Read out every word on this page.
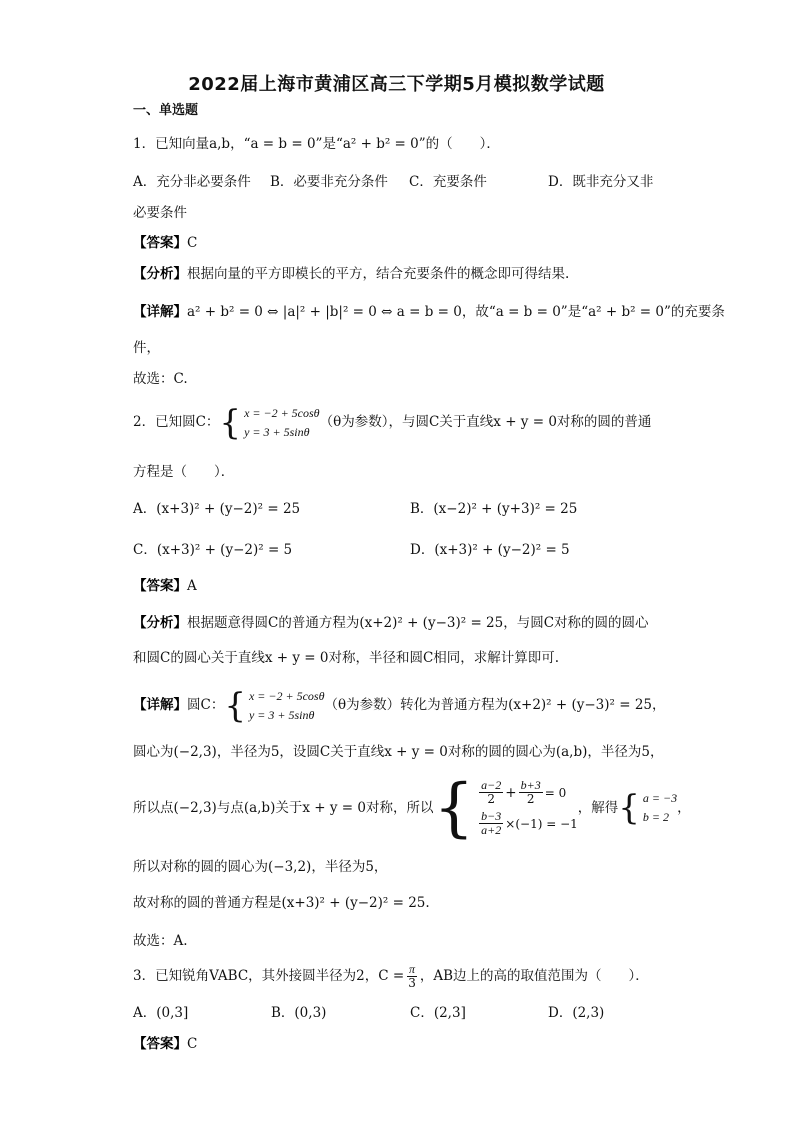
2022届上海市黄浦区高三下学期5月模拟数学试题
一、单选题
1．已知向量a,b，“a = b = 0”是“a² + b² = 0”的（　　）．
A．充分非必要条件 B．必要非充分条件 C．充要条件	D．既非充分又非
必要条件
【答案】C
【分析】根据向量的平方即模长的平方，结合充要条件的概念即可得结果.
【详解】a² + b² = 0 ⇔ |a|² + |b|² = 0 ⇔ a = b = 0，故“a = b = 0”是“a² + b² = 0”的充要条
件，
故选：C.
2．已知圆C： { x = −2 + 5cosθ
y = 3 + 5sinθ
（θ为参数），与圆C关于直线x + y = 0对称的圆的普通
方程是（　　）．
A．(x+3)² + (y−2)² = 25	B．(x−2)² + (y+3)² = 25
C．(x+3)² + (y−2)² = 5	D．(x+3)² + (y−2)² = 5
【答案】A
【分析】根据题意得圆C的普通方程为(x+2)² + (y−3)² = 25，与圆C对称的圆的圆心
和圆C的圆心关于直线x + y = 0对称，半径和圆C相同，求解计算即可.
【详解】圆C： { x = −2 + 5cosθ
y = 3 + 5sinθ
（θ为参数）转化为普通方程为(x+2)² + (y−3)² = 25，
圆心为(−2,3)，半径为5，设圆C关于直线x + y = 0对称的圆的圆心为(a,b)，半径为5，
所以点(−2,3)与点(a,b)关于x + y = 0对称，所以 { $\frac{a-2}{2} + \frac{b+3}{2} = 0$
$\frac{b-3}{a+2} \times(-1) = -1$
，解得 { a = −3
b = 2
，
所以对称的圆的圆心为(−3,2)，半径为5，
故对称的圆的普通方程是(x+3)² + (y−2)² = 25.
故选：A.
3．已知锐角VABC，其外接圆半径为2，$C = \frac{\pi}{3}$ ，AB边上的高的取值范围为（　　）．
A．(0,3]	B．(0,3)	C．(2,3]	D．(2,3)
【答案】C
